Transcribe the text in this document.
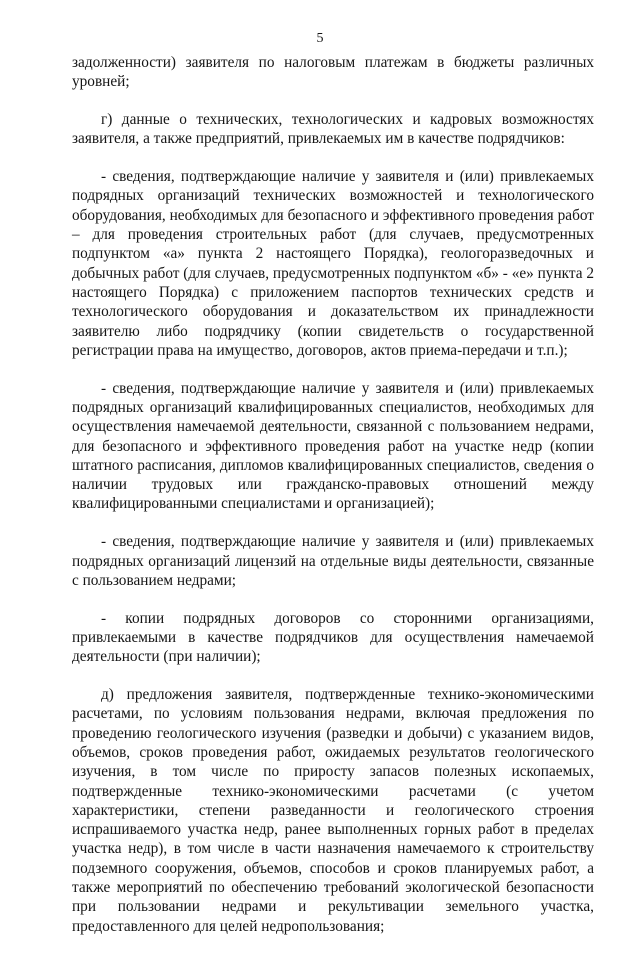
5

задолженности) заявителя по налоговым платежам в бюджеты различных уровней;

г) данные о технических, технологических и кадровых возможностях заявителя, а также предприятий, привлекаемых им в качестве подрядчиков:

- сведения, подтверждающие наличие у заявителя и (или) привлекаемых подрядных организаций технических возможностей и технологического оборудования, необходимых для безопасного и эффективного проведения работ – для проведения строительных работ (для случаев, предусмотренных подпунктом «а» пункта 2 настоящего Порядка), геологоразведочных и добычных работ (для случаев, предусмотренных подпунктом «б» - «е» пункта 2 настоящего Порядка) с приложением паспортов технических средств и технологического оборудования и доказательством их принадлежности заявителю либо подрядчику (копии свидетельств о государственной регистрации права на имущество, договоров, актов приема-передачи и т.п.);

- сведения, подтверждающие наличие у заявителя и (или) привлекаемых подрядных организаций квалифицированных специалистов, необходимых для осуществления намечаемой деятельности, связанной с пользованием недрами, для безопасного и эффективного проведения работ на участке недр (копии штатного расписания, дипломов квалифицированных специалистов, сведения о наличии трудовых или гражданско-правовых отношений между квалифицированными специалистами и организацией);

- сведения, подтверждающие наличие у заявителя и (или) привлекаемых подрядных организаций лицензий на отдельные виды деятельности, связанные с пользованием недрами;

- копии подрядных договоров со сторонними организациями, привлекаемыми в качестве подрядчиков для осуществления намечаемой деятельности (при наличии);

д) предложения заявителя, подтвержденные технико-экономическими расчетами, по условиям пользования недрами, включая предложения по проведению геологического изучения (разведки и добычи) с указанием видов, объемов, сроков проведения работ, ожидаемых результатов геологического изучения, в том числе по приросту запасов полезных ископаемых, подтвержденные технико-экономическими расчетами (с учетом характеристики, степени разведанности и геологического строения испрашиваемого участка недр, ранее выполненных горных работ в пределах участка недр), в том числе в части назначения намечаемого к строительству подземного сооружения, объемов, способов и сроков планируемых работ, а также мероприятий по обеспечению требований экологической безопасности при пользовании недрами и рекультивации земельного участка, предоставленного для целей недропользования;
